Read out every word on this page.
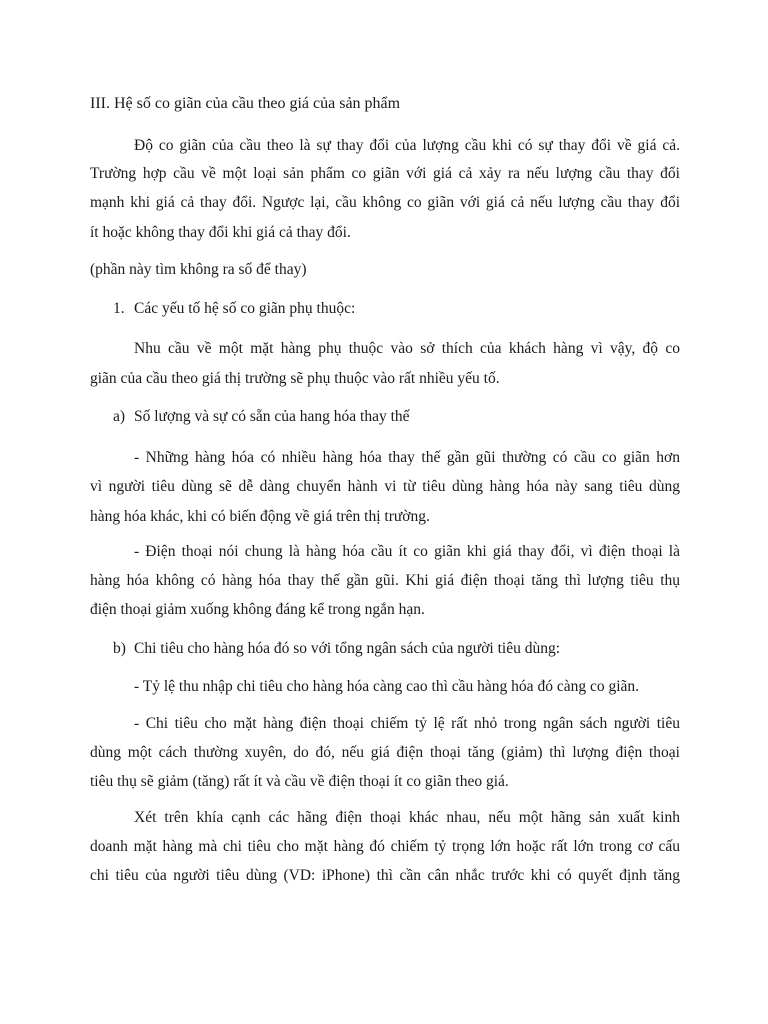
III. Hệ số co giãn của cầu theo giá của sản phẩm
Độ co giãn của cầu theo là sự thay đổi của lượng cầu khi có sự thay đổi về giá cả.
Trường hợp cầu về một loại sản phẩm co giãn với giá cả xảy ra nếu lượng cầu thay đổi
mạnh khi giá cả thay đổi. Ngược lại, cầu không co giãn với giá cả nếu lượng cầu thay đổi
ít hoặc không thay đổi khi giá cả thay đổi.
(phần này tìm không ra số để thay)
1. Các yếu tố hệ số co giãn phụ thuộc:
Nhu cầu về một mặt hàng phụ thuộc vào sở thích của khách hàng vì vậy, độ co
giãn của cầu theo giá thị trường sẽ phụ thuộc vào rất nhiều yếu tố.
a) Số lượng và sự có sẵn của hang hóa thay thế
- Những hàng hóa có nhiều hàng hóa thay thế gần gũi thường có cầu co giãn hơn
vì người tiêu dùng sẽ dễ dàng chuyển hành vi từ tiêu dùng hàng hóa này sang tiêu dùng
hàng hóa khác, khi có biến động về giá trên thị trường.
- Điện thoại nói chung là hàng hóa cầu ít co giãn khi giá thay đổi, vì điện thoại là
hàng hóa không có hàng hóa thay thế gần gũi. Khi giá điện thoại tăng thì lượng tiêu thụ
điện thoại giảm xuống không đáng kể trong ngắn hạn.
b) Chi tiêu cho hàng hóa đó so với tổng ngân sách của người tiêu dùng:
- Tỷ lệ thu nhập chi tiêu cho hàng hóa càng cao thì cầu hàng hóa đó càng co giãn.
- Chi tiêu cho mặt hàng điện thoại chiếm tỷ lệ rất nhỏ trong ngân sách người tiêu
dùng một cách thường xuyên, do đó, nếu giá điện thoại tăng (giảm) thì lượng điện thoại
tiêu thụ sẽ giảm (tăng) rất ít và cầu về điện thoại ít co giãn theo giá.
Xét trên khía cạnh các hãng điện thoại khác nhau, nếu một hãng sản xuất kinh
doanh mặt hàng mà chi tiêu cho mặt hàng đó chiếm tỷ trọng lớn hoặc rất lớn trong cơ cấu
chi tiêu của người tiêu dùng (VD: iPhone) thì cần cân nhắc trước khi có quyết định tăng
